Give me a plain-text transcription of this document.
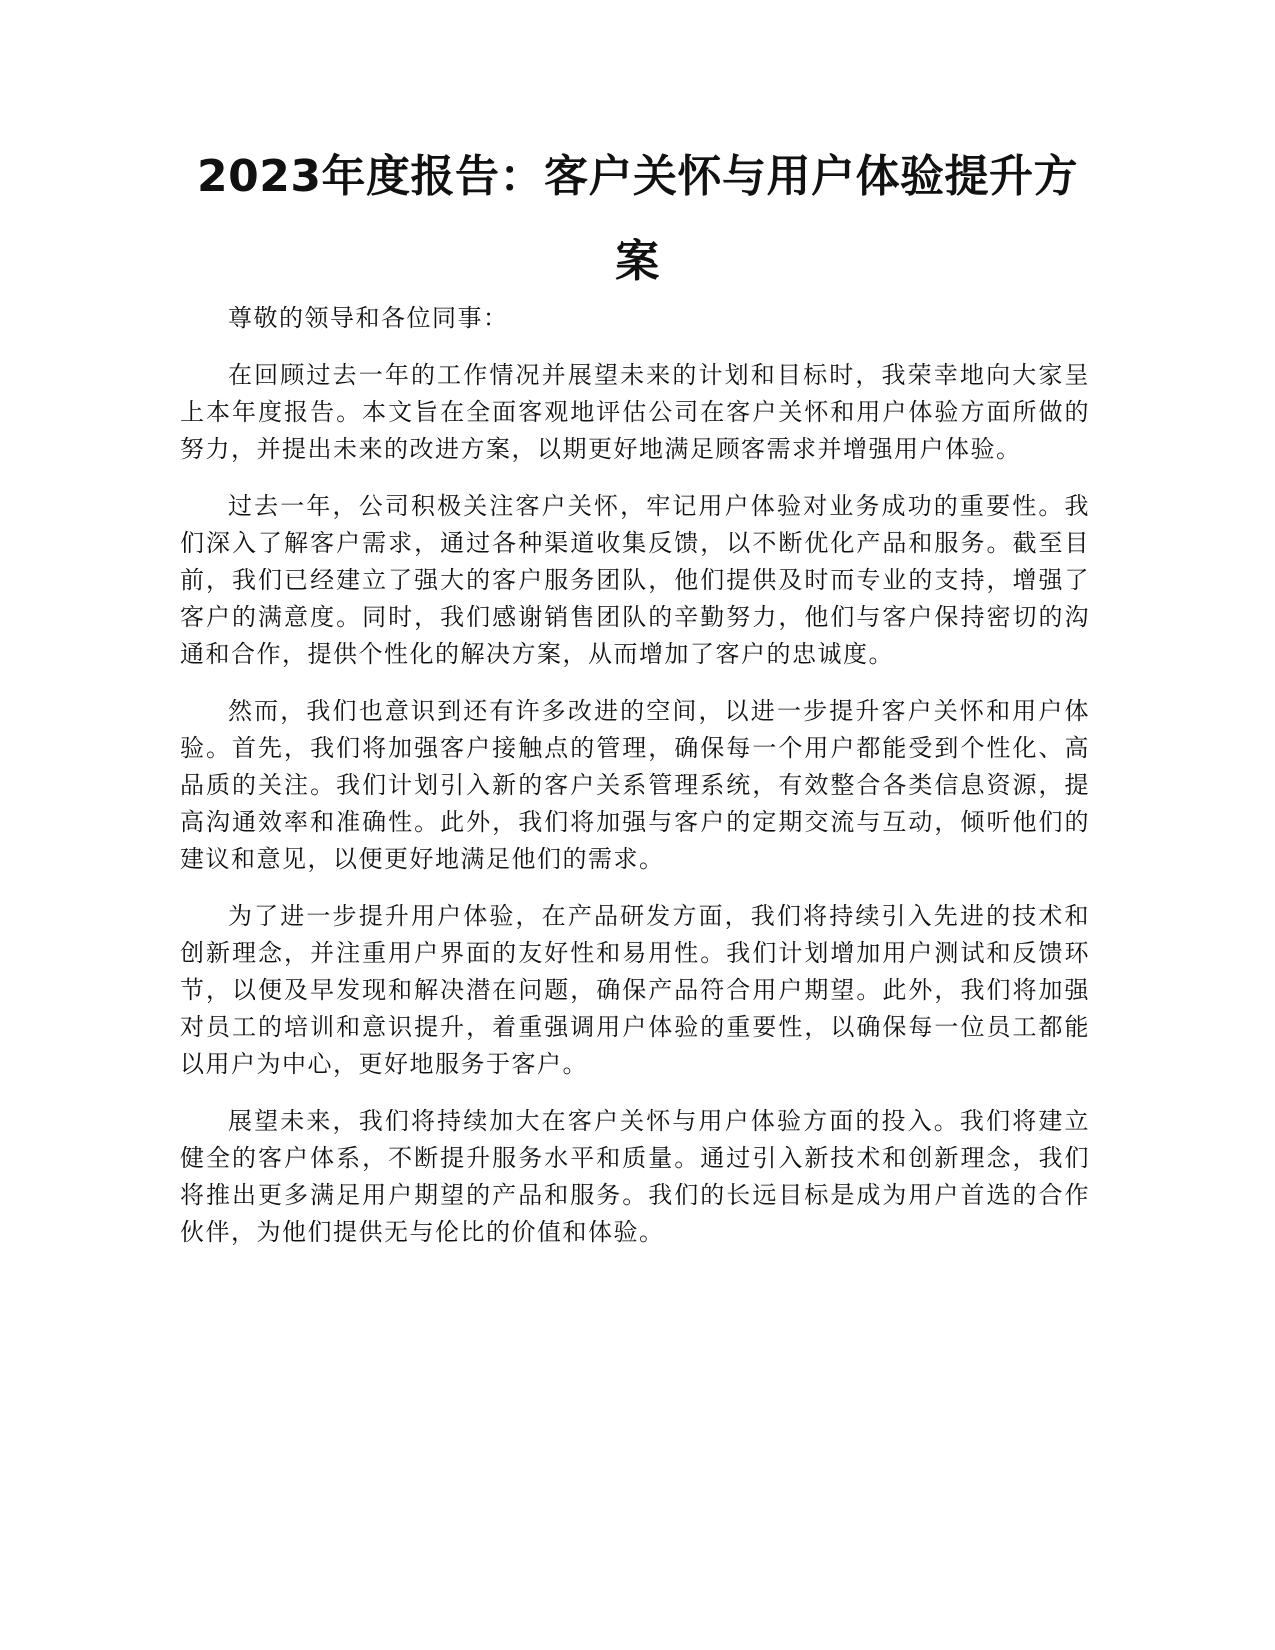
2023年度报告：客户关怀与用户体验提升方案

尊敬的领导和各位同事：

在回顾过去一年的工作情况并展望未来的计划和目标时，我荣幸地向大家呈上本年度报告。本文旨在全面客观地评估公司在客户关怀和用户体验方面所做的努力，并提出未来的改进方案，以期更好地满足顾客需求并增强用户体验。

过去一年，公司积极关注客户关怀，牢记用户体验对业务成功的重要性。我们深入了解客户需求，通过各种渠道收集反馈，以不断优化产品和服务。截至目前，我们已经建立了强大的客户服务团队，他们提供及时而专业的支持，增强了客户的满意度。同时，我们感谢销售团队的辛勤努力，他们与客户保持密切的沟通和合作，提供个性化的解决方案，从而增加了客户的忠诚度。

然而，我们也意识到还有许多改进的空间，以进一步提升客户关怀和用户体验。首先，我们将加强客户接触点的管理，确保每一个用户都能受到个性化、高品质的关注。我们计划引入新的客户关系管理系统，有效整合各类信息资源，提高沟通效率和准确性。此外，我们将加强与客户的定期交流与互动，倾听他们的建议和意见，以便更好地满足他们的需求。

为了进一步提升用户体验，在产品研发方面，我们将持续引入先进的技术和创新理念，并注重用户界面的友好性和易用性。我们计划增加用户测试和反馈环节，以便及早发现和解决潜在问题，确保产品符合用户期望。此外，我们将加强对员工的培训和意识提升，着重强调用户体验的重要性，以确保每一位员工都能以用户为中心，更好地服务于客户。

展望未来，我们将持续加大在客户关怀与用户体验方面的投入。我们将建立健全的客户体系，不断提升服务水平和质量。通过引入新技术和创新理念，我们将推出更多满足用户期望的产品和服务。我们的长远目标是成为用户首选的合作伙伴，为他们提供无与伦比的价值和体验。
